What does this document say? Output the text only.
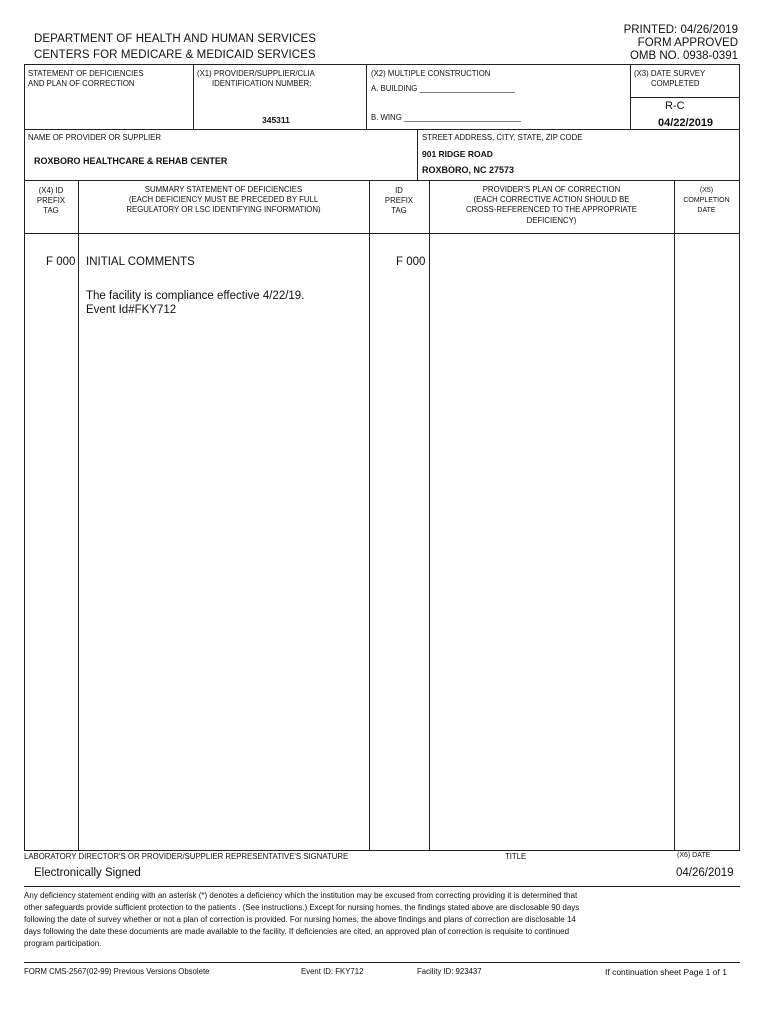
DEPARTMENT OF HEALTH AND HUMAN SERVICES
CENTERS FOR MEDICARE & MEDICAID SERVICES
PRINTED: 04/26/2019
FORM APPROVED
OMB NO. 0938-0391
STATEMENT OF DEFICIENCIES
AND PLAN OF CORRECTION
(X1) PROVIDER/SUPPLIER/CLIA
IDENTIFICATION NUMBER:
345311
(X2) MULTIPLE CONSTRUCTION
A. BUILDING ______________________
B. WING ___________________________
(X3) DATE SURVEY
COMPLETED
R-C
04/22/2019
NAME OF PROVIDER OR SUPPLIER
ROXBORO HEALTHCARE & REHAB CENTER
STREET ADDRESS, CITY, STATE, ZIP CODE
901 RIDGE ROAD
ROXBORO, NC 27573
(X4) ID
PREFIX
TAG
SUMMARY STATEMENT OF DEFICIENCIES
(EACH DEFICIENCY MUST BE PRECEDED BY FULL
REGULATORY OR LSC IDENTIFYING INFORMATION)
ID
PREFIX
TAG
PROVIDER'S PLAN OF CORRECTION
(EACH CORRECTIVE ACTION SHOULD BE
CROSS-REFERENCED TO THE APPROPRIATE
DEFICIENCY)
(X5)
COMPLETION
DATE
F 000 INITIAL COMMENTS	F 000
The facility is compliance effective 4/22/19.
Event Id#FKY712
LABORATORY DIRECTOR'S OR PROVIDER/SUPPLIER REPRESENTATIVE'S SIGNATURE	TITLE	(X6) DATE
Electronically Signed	04/26/2019
Any deficiency statement ending with an asterisk (*) denotes a deficiency which the institution may be excused from correcting providing it is determined that
other safeguards provide sufficient protection to the patients . (See instructions.) Except for nursing homes, the findings stated above are disclosable 90 days
following the date of survey whether or not a plan of correction is provided. For nursing homes, the above findings and plans of correction are disclosable 14
days following the date these documents are made available to the facility. If deficiencies are cited, an approved plan of correction is requisite to continued
program participation.
FORM CMS-2567(02-99) Previous Versions Obsolete	Event ID: FKY712	Facility ID: 923437	If continuation sheet Page 1 of 1
